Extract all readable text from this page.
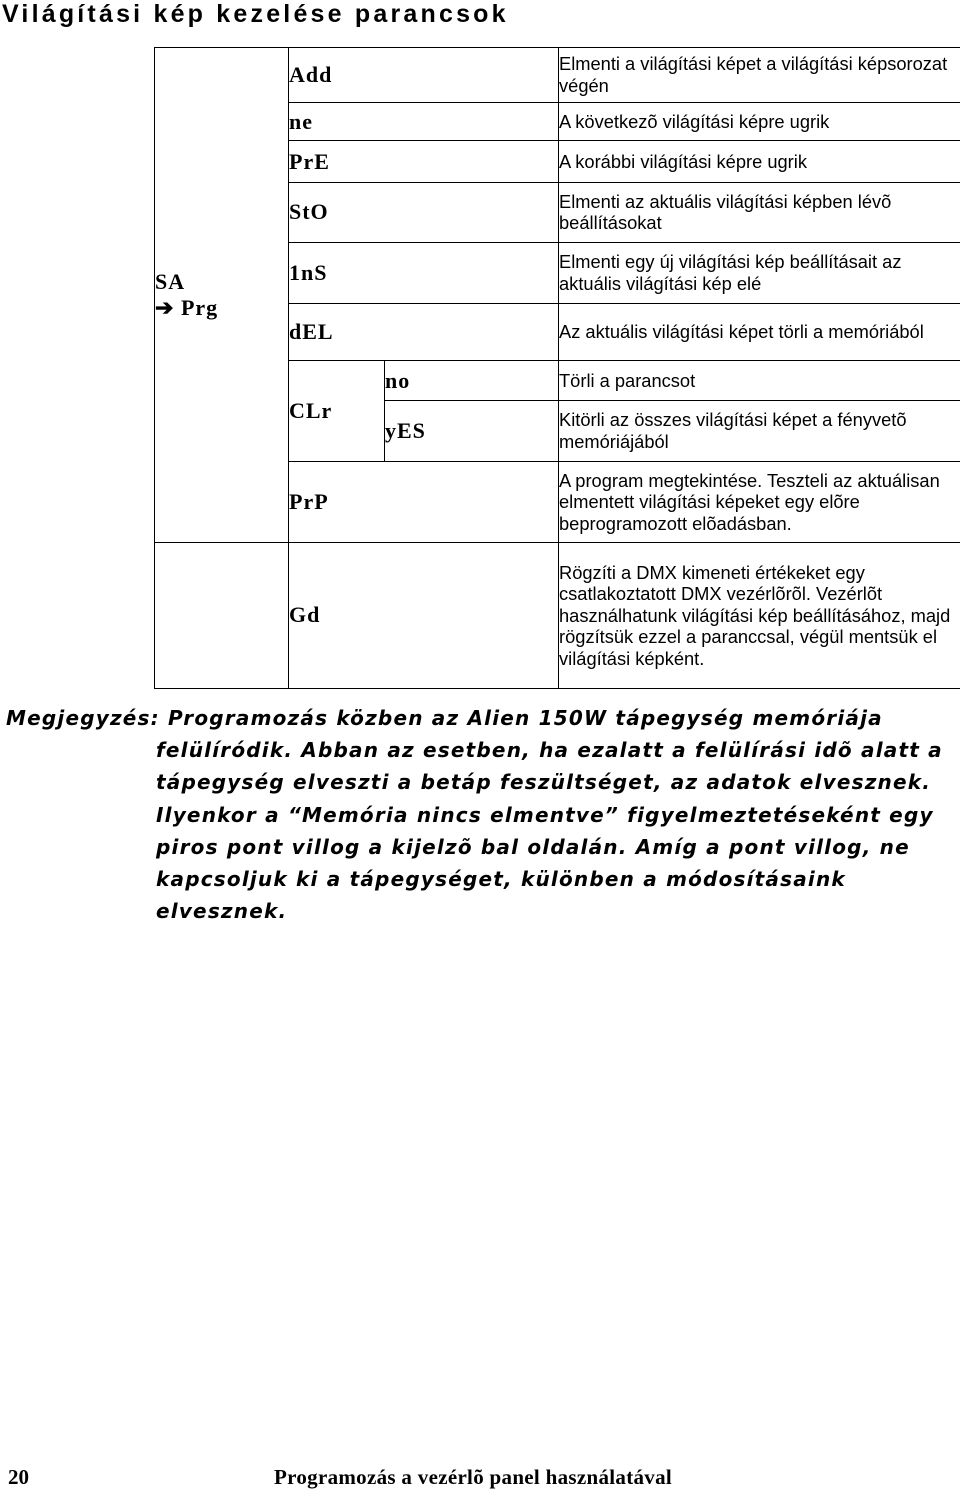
Világítási kép kezelése parancsok
SA
➔ Prg	Add		Elmenti a világítási képet a világítási képsorozat végén
	ne		A következõ világítási képre ugrik
	PrE		A korábbi világítási képre ugrik
	StO		Elmenti az aktuális világítási képben lévõ beállításokat
	1nS		Elmenti egy új világítási kép beállításait az aktuális világítási kép elé
	dEL		Az aktuális világítási képet törli a memóriából
	CLr	no	Törli a parancsot
		yES	Kitörli az összes világítási képet a fényvetõ memóriájából
	PrP		A program megtekintése. Teszteli az aktuálisan elmentett világítási képeket egy elõre beprogramozott elõadásban.
	Gd		Rögzíti a DMX kimeneti értékeket egy csatlakoztatott DMX vezérlõrõl. Vezérlõt használhatunk világítási kép beállításához, majd rögzítsük ezzel a paranccsal, végül mentsük el világítási képként.
Megjegyzés: Programozás közben az Alien 150W tápegység memóriája
felülíródik. Abban az esetben, ha ezalatt a felülírási idõ alatt a
tápegység elveszti a betáp feszültséget, az adatok elvesznek.
Ilyenkor a “Memória nincs elmentve” figyelmeztetéseként egy
piros pont villog a kijelzõ bal oldalán. Amíg a pont villog, ne
kapcsoljuk ki a tápegységet, különben a módosításaink
elvesznek.
20	Programozás a vezérlõ panel használatával
